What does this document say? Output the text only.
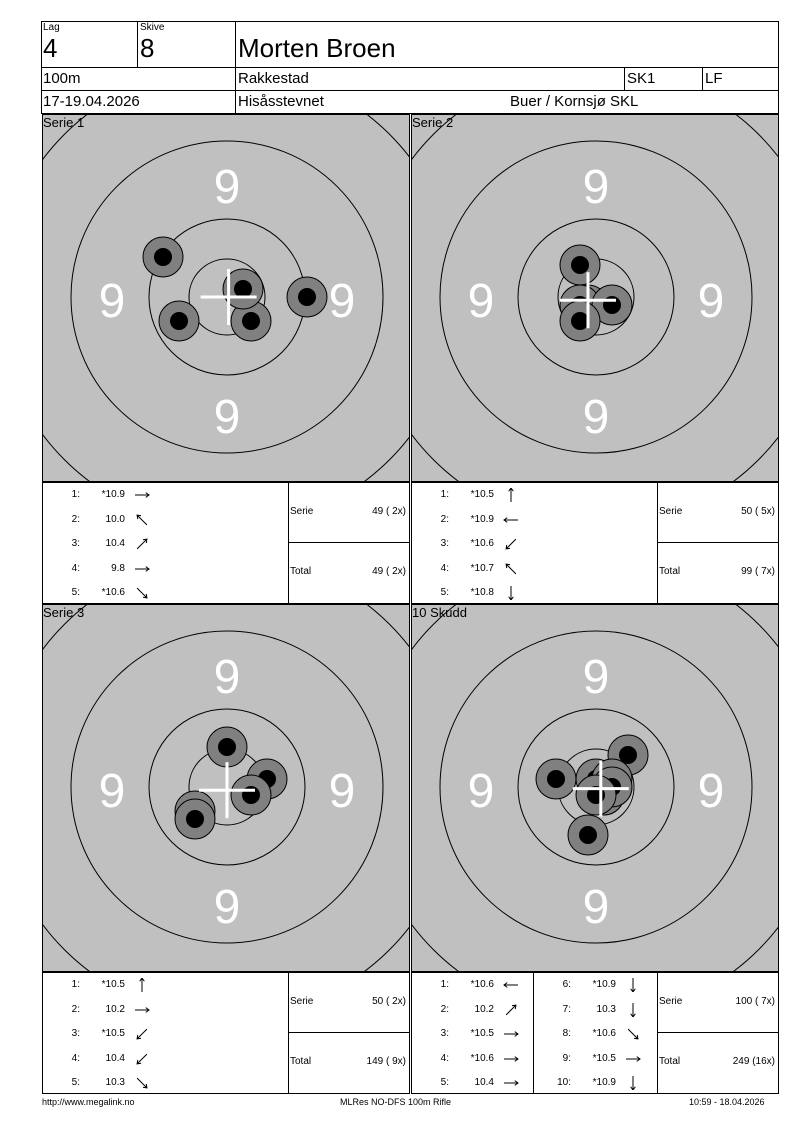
Lag
4
Skive
8	Morten Broen
100m	Rakkestad	SK1	LF
17-19.04.2026	Hisåsstevnet	Buer / Kornsjø SKL
9
9	9
9
Serie 1
Serie	49 ( 2x)
Total	49 ( 2x)
1:	*10.9
2:	10.0
3:	10.4
4:	9.8
5:	*10.6
9
9	9
9
Serie 2
Serie	50 ( 5x)
Total	99 ( 7x)
1:	*10.5
2:	*10.9
3:	*10.6
4:	*10.7
5:	*10.8
9
9	9
9
Serie 3
Serie	50 ( 2x)
Total	149 ( 9x)
1:	*10.5
2:	10.2
3:	*10.5
4:	10.4
5:	10.3
9
9	9
9
10 Skudd
Serie	100 ( 7x)
Total	249 (16x)
1:	*10.6
2:	10.2
3:	*10.5
4:	*10.6
5:	10.4
6:	*10.9
7:	10.3
8:	*10.6
9:	*10.5
10:	*10.9
http://www.megalink.no	MLRes NO-DFS 100m Rifle	10:59 - 18.04.2026
